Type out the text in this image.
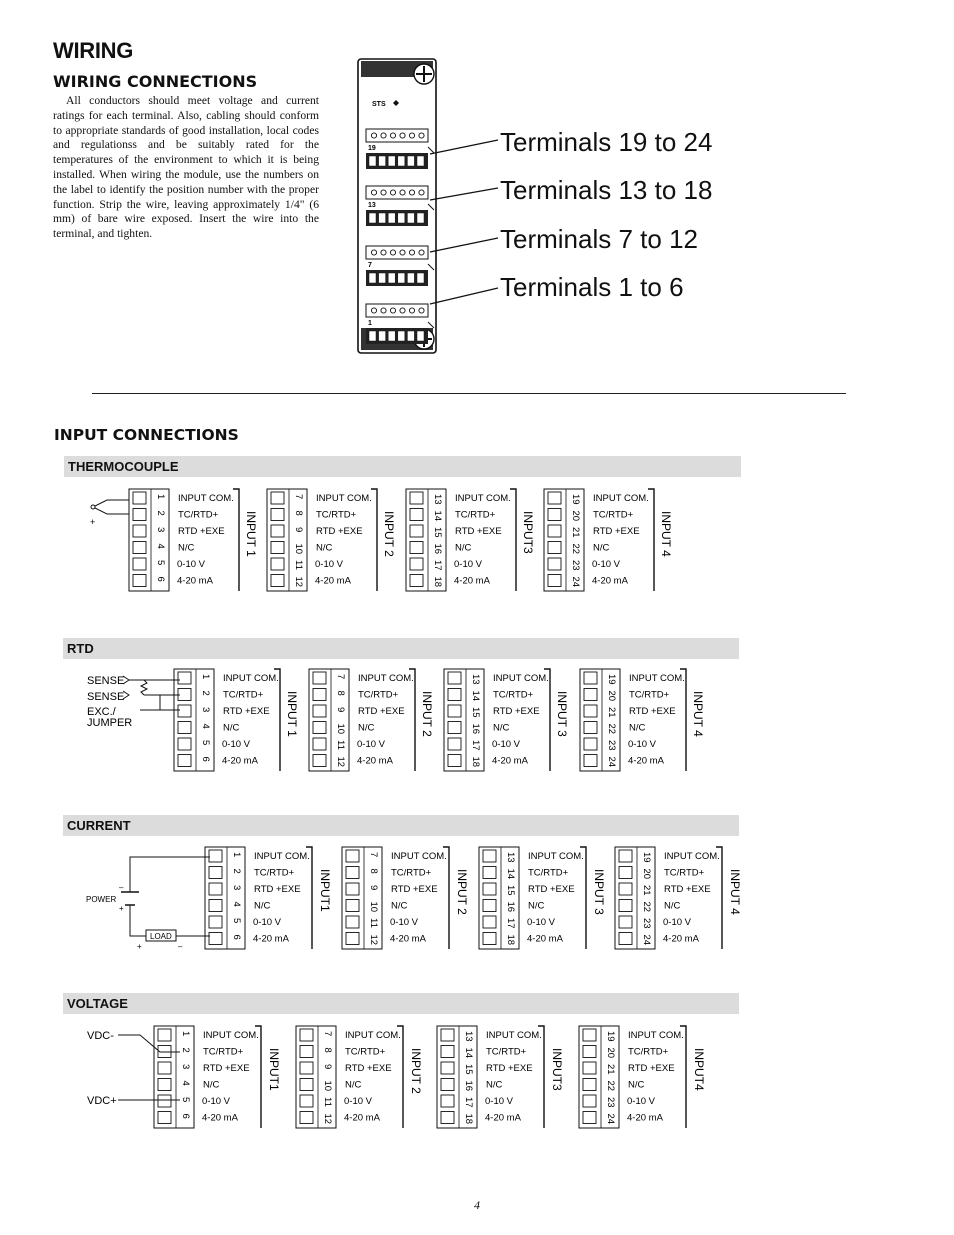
WIRING
WIRING CONNECTIONS
All conductors should meet voltage and current ratings for each terminal. Also, cabling should conform to appropriate standards of good installation, local codes and regulationss and be suitably rated for the temperatures of the environment to which it is being installed. When wiring the module, use the numbers on the label to identify the position number with the proper function. Strip the wire, leaving approximately 1/4" (6 mm) of bare wire exposed. Insert the wire into the terminal, and tighten.
STS
19
13
7
1
Terminals 19 to 24
Terminals 13 to 18
Terminals 7 to 12
Terminals 1 to 6
INPUT CONNECTIONS
THERMOCOUPLE
RTD
CURRENT
VOLTAGE
1 INPUT COM.
2 TC/RTD+
3 RTD +EXE
4 N/C
5 0-10 V
6 4-20 mA
INPUT 1
7 INPUT COM.
8 TC/RTD+
9 RTD +EXE
10 N/C
11 0-10 V
12 4-20 mA
INPUT 2
13 INPUT COM.
14 TC/RTD+
15 RTD +EXE
16 N/C
17 0-10 V
18 4-20 mA
INPUT3
19 INPUT COM.
20 TC/RTD+
21 RTD +EXE
22 N/C
23 0-10 V
24 4-20 mA
INPUT 4
1 INPUT COM.
2 TC/RTD+
3 RTD +EXE
4 N/C
5 0-10 V
6 4-20 mA
INPUT 1
7 INPUT COM.
8 TC/RTD+
9 RTD +EXE
10 N/C
11 0-10 V
12 4-20 mA
INPUT 2
13 INPUT COM.
14 TC/RTD+
15 RTD +EXE
16 N/C
17 0-10 V
18 4-20 mA
INPUT 3
19 INPUT COM.
20 TC/RTD+
21 RTD +EXE
22 N/C
23 0-10 V
24 4-20 mA
INPUT 4
1 INPUT COM.
2 TC/RTD+
3 RTD +EXE
4 N/C
5 0-10 V
6 4-20 mA
INPUT1
7 INPUT COM.
8 TC/RTD+
9 RTD +EXE
10 N/C
11 0-10 V
12 4-20 mA
INPUT 2
13 INPUT COM.
14 TC/RTD+
15 RTD +EXE
16 N/C
17 0-10 V
18 4-20 mA
INPUT 3
19 INPUT COM.
20 TC/RTD+
21 RTD +EXE
22 N/C
23 0-10 V
24 4-20 mA
INPUT 4
1 INPUT COM.
2 TC/RTD+
3 RTD +EXE
4 N/C
5 0-10 V
6 4-20 mA
INPUT1
7 INPUT COM.
8 TC/RTD+
9 RTD +EXE
10 N/C
11 0-10 V
12 4-20 mA
INPUT 2
13 INPUT COM.
14 TC/RTD+
15 RTD +EXE
16 N/C
17 0-10 V
18 4-20 mA
INPUT3
19 INPUT COM.
20 TC/RTD+
21 RTD +EXE
22 N/C
23 0-10 V
24 4-20 mA
INPUT4
+
SENSE
SENSE
EXC./
JUMPER
LOAD
POWER
+
–
–
+
VDC-
VDC+
4
